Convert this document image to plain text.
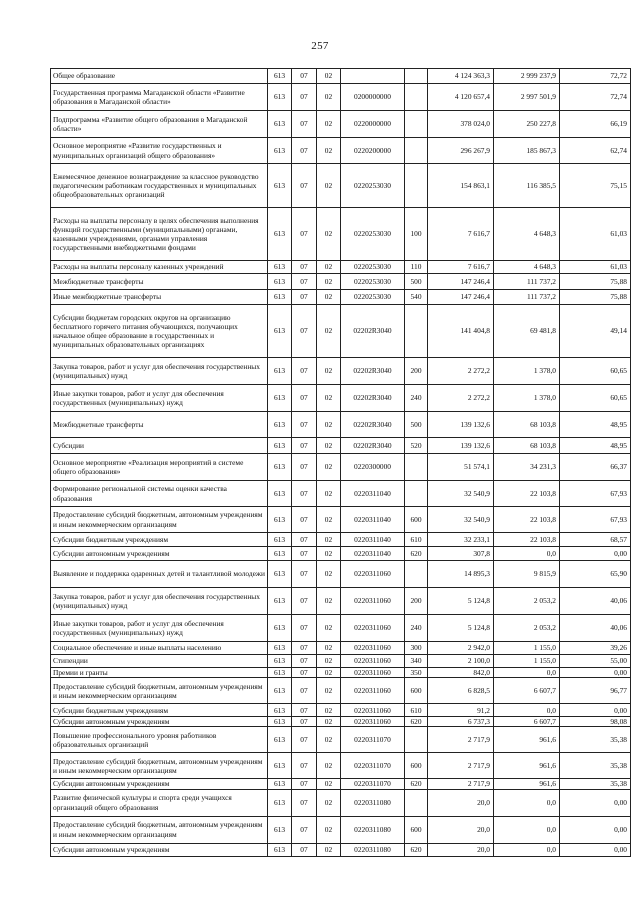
257
Общее образование	613	07	02			4 124 363,3	2 999 237,9	72,72
Государственная программа Магаданской области «Развитие образования в Магаданской области»	613	07	02	0200000000		4 120 657,4	2 997 501,9	72,74
Подпрограмма «Развитие общего образования в Магаданской области»	613	07	02	0220000000		378 024,0	250 227,8	66,19
Основное мероприятие «Развитие государственных и муниципальных организаций общего образования»	613	07	02	0220200000		296 267,9	185 867,3	62,74
Ежемесячное денежное вознаграждение за классное руководство педагогическим работникам государственных и муниципальных общеобразовательных организаций	613	07	02	0220253030		154 863,1	116 385,5	75,15
Расходы на выплаты персоналу в целях обеспечения выполнения функций государственными (муниципальными) органами, казенными учреждениями, органами управления государственными внебюджетными фондами	613	07	02	0220253030	100	7 616,7	4 648,3	61,03
Расходы на выплаты персоналу казенных учреждений	613	07	02	0220253030	110	7 616,7	4 648,3	61,03
Межбюджетные трансферты	613	07	02	0220253030	500	147 246,4	111 737,2	75,88
Иные межбюджетные трансферты	613	07	02	0220253030	540	147 246,4	111 737,2	75,88
Субсидии бюджетам городских округов на организацию бесплатного горячего питания обучающихся, получающих начальное общее образование в государственных и муниципальных образовательных организациях	613	07	02	02202R3040		141 404,8	69 481,8	49,14
Закупка товаров, работ и услуг для обеспечения государственных (муниципальных) нужд	613	07	02	02202R3040	200	2 272,2	1 378,0	60,65
Иные закупки товаров, работ и услуг для обеспечения государственных (муниципальных) нужд	613	07	02	02202R3040	240	2 272,2	1 378,0	60,65
Межбюджетные трансферты	613	07	02	02202R3040	500	139 132,6	68 103,8	48,95
Субсидии	613	07	02	02202R3040	520	139 132,6	68 103,8	48,95
Основное мероприятие «Реализация мероприятий в системе общего образования»	613	07	02	0220300000		51 574,1	34 231,3	66,37
Формирование региональной системы оценки качества образования	613	07	02	0220311040		32 540,9	22 103,8	67,93
Предоставление субсидий бюджетным, автономным учреждениям и иным некоммерческим организациям	613	07	02	0220311040	600	32 540,9	22 103,8	67,93
Субсидии бюджетным учреждениям	613	07	02	0220311040	610	32 233,1	22 103,8	68,57
Субсидии автономным учреждениям	613	07	02	0220311040	620	307,8	0,0	0,00
Выявление и поддержка одаренных детей и талантливой молодежи	613	07	02	0220311060		14 895,3	9 815,9	65,90
Закупка товаров, работ и услуг для обеспечения государственных (муниципальных) нужд	613	07	02	0220311060	200	5 124,8	2 053,2	40,06
Иные закупки товаров, работ и услуг для обеспечения государственных (муниципальных) нужд	613	07	02	0220311060	240	5 124,8	2 053,2	40,06
Социальное обеспечение и иные выплаты населению	613	07	02	0220311060	300	2 942,0	1 155,0	39,26
Стипендии	613	07	02	0220311060	340	2 100,0	1 155,0	55,00
Премии и гранты	613	07	02	0220311060	350	842,0	0,0	0,00
Предоставление субсидий бюджетным, автономным учреждениям и иным некоммерческим организациям	613	07	02	0220311060	600	6 828,5	6 607,7	96,77
Субсидии бюджетным учреждениям	613	07	02	0220311060	610	91,2	0,0	0,00
Субсидии автономным учреждениям	613	07	02	0220311060	620	6 737,3	6 607,7	98,08
Повышение профессионального уровня работников образовательных организаций	613	07	02	0220311070		2 717,9	961,6	35,38
Предоставление субсидий бюджетным, автономным учреждениям и иным некоммерческим организациям	613	07	02	0220311070	600	2 717,9	961,6	35,38
Субсидии автономным учреждениям	613	07	02	0220311070	620	2 717,9	961,6	35,38
Развитие физической культуры и спорта среди учащихся организаций общего образования	613	07	02	0220311080		20,0	0,0	0,00
Предоставление субсидий бюджетным, автономным учреждениям и иным некоммерческим организациям	613	07	02	0220311080	600	20,0	0,0	0,00
Субсидии автономным учреждениям	613	07	02	0220311080	620	20,0	0,0	0,00
